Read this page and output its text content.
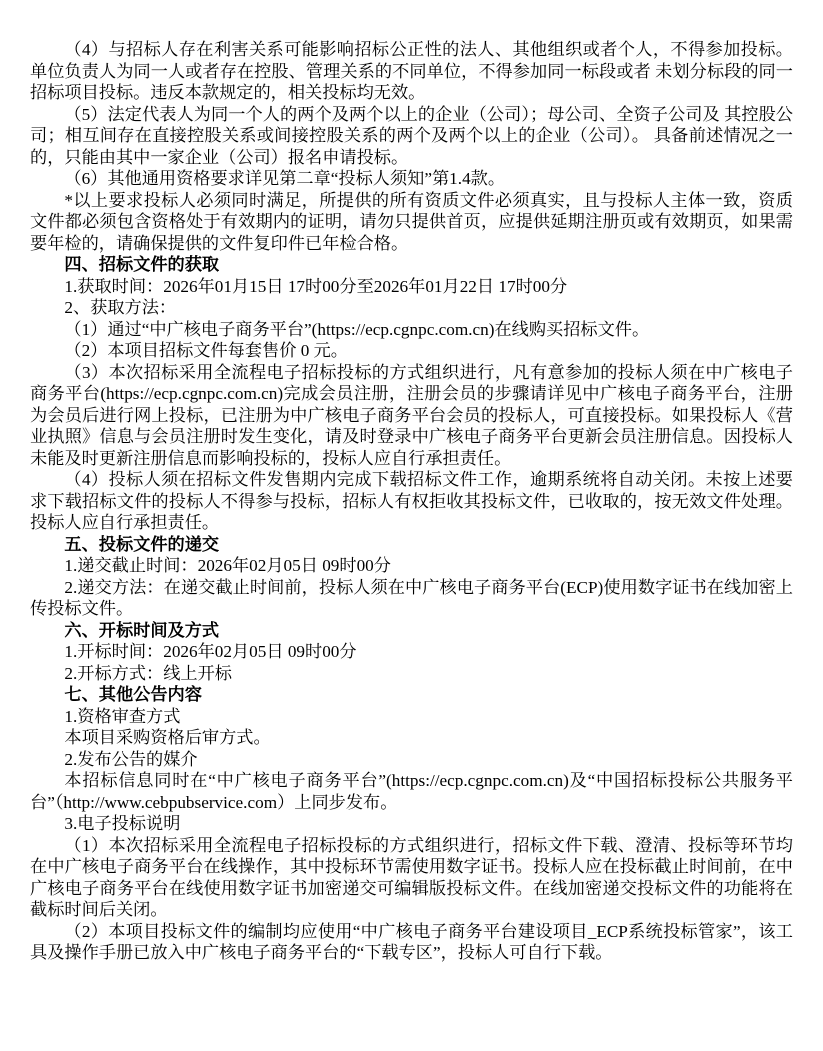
（4）与招标人存在利害关系可能影响招标公正性的法人、其他组织或者个人，不得参加投标。单位负责人为同一人或者存在控股、管理关系的不同单位，不得参加同一标段或者 未划分标段的同一招标项目投标。违反本款规定的，相关投标均无效。

（5）法定代表人为同一个人的两个及两个以上的企业（公司）；母公司、全资子公司及 其控股公司；相互间存在直接控股关系或间接控股关系的两个及两个以上的企业（公司）。 具备前述情况之一的，只能由其中一家企业（公司）报名申请投标。

（6）其他通用资格要求详见第二章“投标人须知”第1.4款。

*以上要求投标人必须同时满足，所提供的所有资质文件必须真实，且与投标人主体一致，资质文件都必须包含资格处于有效期内的证明，请勿只提供首页，应提供延期注册页或有效期页，如果需要年检的，请确保提供的文件复印件已年检合格。

四、招标文件的获取

1.获取时间：2026年01月15日 17时00分至2026年01月22日 17时00分

2、获取方法：

（1）通过“中广核电子商务平台”(https://ecp.cgnpc.com.cn)在线购买招标文件。

（2）本项目招标文件每套售价 0 元。

（3）本次招标采用全流程电子招标投标的方式组织进行，凡有意参加的投标人须在中广核电子商务平台(https://ecp.cgnpc.com.cn)完成会员注册，注册会员的步骤请详见中广核电子商务平台，注册为会员后进行网上投标，已注册为中广核电子商务平台会员的投标人，可直接投标。如果投标人《营业执照》信息与会员注册时发生变化，请及时登录中广核电子商务平台更新会员注册信息。因投标人未能及时更新注册信息而影响投标的，投标人应自行承担责任。

（4）投标人须在招标文件发售期内完成下载招标文件工作，逾期系统将自动关闭。未按上述要求下载招标文件的投标人不得参与投标，招标人有权拒收其投标文件，已收取的，按无效文件处理。投标人应自行承担责任。

五、投标文件的递交

1.递交截止时间：2026年02月05日 09时00分

2.递交方法：在递交截止时间前，投标人须在中广核电子商务平台(ECP)使用数字证书在线加密上传投标文件。

六、开标时间及方式

1.开标时间：2026年02月05日 09时00分

2.开标方式：线上开标

七、其他公告内容

1.资格审查方式

本项目采购资格后审方式。

2.发布公告的媒介

本招标信息同时在“中广核电子商务平台”(https://ecp.cgnpc.com.cn)及“中国招标投标公共服务平台”（http://www.cebpubservice.com）上同步发布。

3.电子投标说明

（1）本次招标采用全流程电子招标投标的方式组织进行，招标文件下载、澄清、投标等环节均在中广核电子商务平台在线操作，其中投标环节需使用数字证书。投标人应在投标截止时间前，在中广核电子商务平台在线使用数字证书加密递交可编辑版投标文件。在线加密递交投标文件的功能将在截标时间后关闭。

（2）本项目投标文件的编制均应使用“中广核电子商务平台建设项目_ECP系统投标管家”，该工具及操作手册已放入中广核电子商务平台的“下载专区”，投标人可自行下载。
